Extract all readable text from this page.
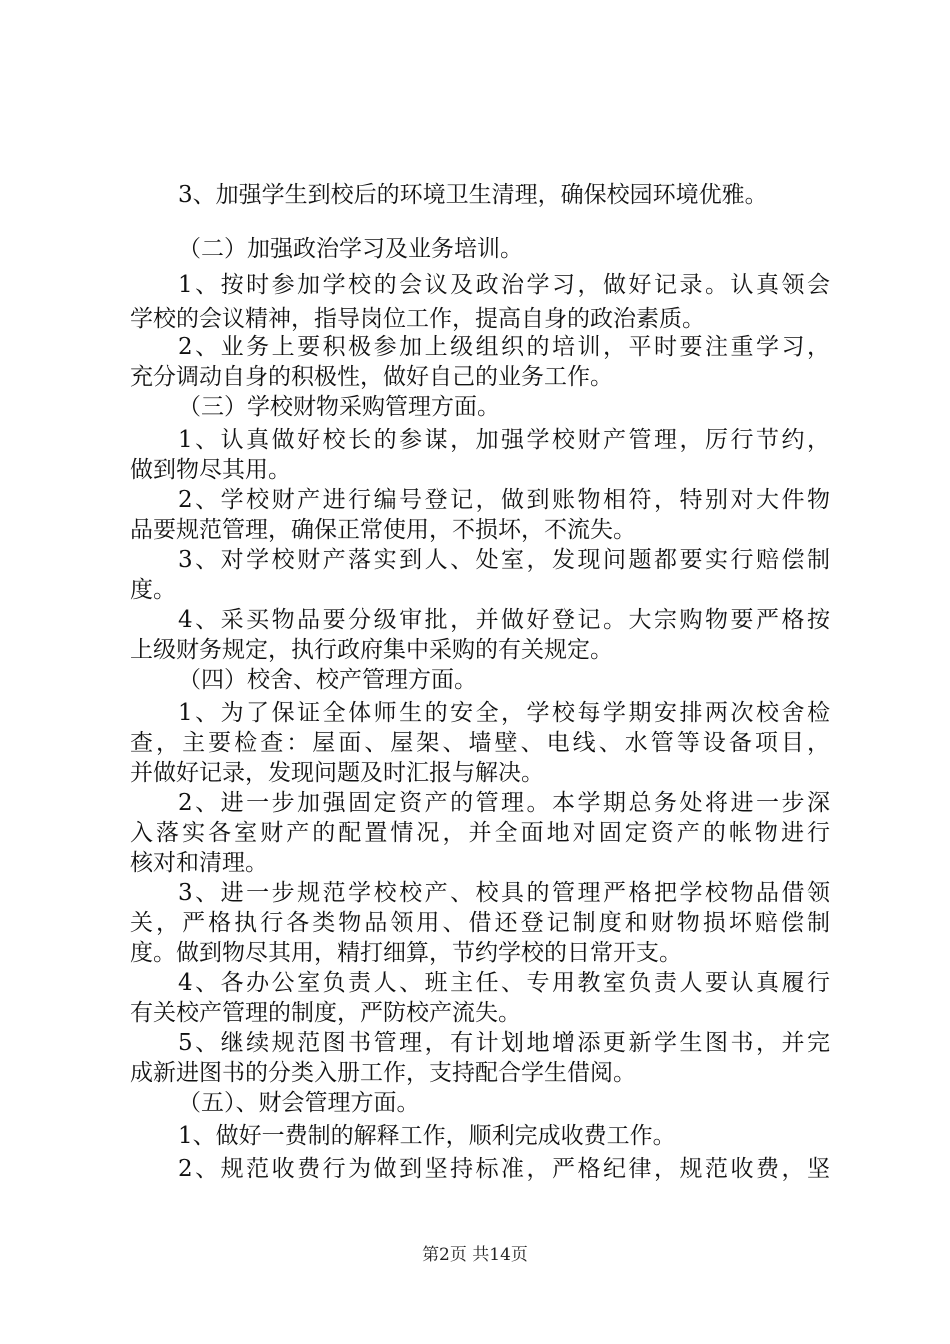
3、加强学生到校后的环境卫生清理，确保校园环境优雅。
（二）加强政治学习及业务培训。
1、按时参加学校的会议及政治学习，做好记录。认真领会
学校的会议精神，指导岗位工作，提高自身的政治素质。
2、业务上要积极参加上级组织的培训，平时要注重学习，
充分调动自身的积极性，做好自己的业务工作。
（三）学校财物采购管理方面。
1、认真做好校长的参谋，加强学校财产管理，厉行节约，
做到物尽其用。
2、学校财产进行编号登记，做到账物相符，特别对大件物
品要规范管理，确保正常使用，不损坏，不流失。
3、对学校财产落实到人、处室，发现问题都要实行赔偿制
度。
4、采买物品要分级审批，并做好登记。大宗购物要严格按
上级财务规定，执行政府集中采购的有关规定。
（四）校舍、校产管理方面。
1、为了保证全体师生的安全，学校每学期安排两次校舍检
查，主要检查：屋面、屋架、墙壁、电线、水管等设备项目，
并做好记录，发现问题及时汇报与解决。
2、进一步加强固定资产的管理。本学期总务处将进一步深
入落实各室财产的配置情况，并全面地对固定资产的帐物进行
核对和清理。
3、进一步规范学校校产、校具的管理严格把学校物品借领
关，严格执行各类物品领用、借还登记制度和财物损坏赔偿制
度。做到物尽其用，精打细算，节约学校的日常开支。
4、各办公室负责人、班主任、专用教室负责人要认真履行
有关校产管理的制度，严防校产流失。
5、继续规范图书管理，有计划地增添更新学生图书，并完
成新进图书的分类入册工作，支持配合学生借阅。
（五）、财会管理方面。
1、做好一费制的解释工作，顺利完成收费工作。
2、规范收费行为做到坚持标准，严格纪律，规范收费，坚
第2页 共14页
